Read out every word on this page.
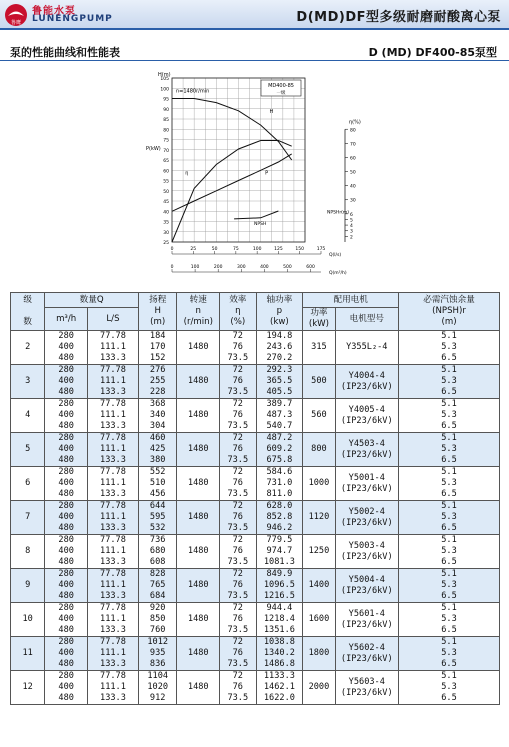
鲁鹰
鲁能水泵
LUNENGPUMP	D(MD)DF型多级耐磨耐酸离心泵
泵的性能曲线和性能表	D (MD) DF400-85泵型
105
100
95
90
85
80
75
70
65
60
55
50
45
40
35
30
25
H(m)
P(kW)
80
70
60
50
40
30
η(%)
NPSHr(m) 6
5
4
3
2
0	25	50	75	100	125	150	175
Q(l/s)
0	100	200	300	400	500	600
Q(m³/h)
H
η	P
NPSH
n=1480r/min
MD400-85
一级
级

数	数量Q		扬程
H
(m)	转速
n
(r/min)	效率
η
(%)	轴功率
p
(kw)	配用电机		必需汽蚀余量
(NPSH)r
(m)
	m³/h	L/S					功率
(kW)	电机型号	
2	280
400
480	77.78
111.1
133.3	184
170
152	1480	72
76
73.5	194.8
243.6
270.2	315	Y355L₂-4	5.1
5.3
6.5
3	280
400
480	77.78
111.1
133.3	276
255
228	1480	72
76
73.5	292.3
365.5
405.5	500	Y4004-4
(IP23/6kV)	5.1
5.3
6.5
4	280
400
480	77.78
111.1
133.3	368
340
304	1480	72
76
73.5	389.7
487.3
540.7	560	Y4005-4
(IP23/6kV)	5.1
5.3
6.5
5	280
400
480	77.78
111.1
133.3	460
425
380	1480	72
76
73.5	487.2
609.2
675.8	800	Y4503-4
(IP23/6kV)	5.1
5.3
6.5
6	280
400
480	77.78
111.1
133.3	552
510
456	1480	72
76
73.5	584.6
731.0
811.0	1000	Y5001-4
(IP23/6kV)	5.1
5.3
6.5
7	280
400
480	77.78
111.1
133.3	644
595
532	1480	72
76
73.5	628.0
852.8
946.2	1120	Y5002-4
(IP23/6kV)	5.1
5.3
6.5
8	280
400
480	77.78
111.1
133.3	736
680
608	1480	72
76
73.5	779.5
974.7
1081.3	1250	Y5003-4
(IP23/6kV)	5.1
5.3
6.5
9	280
400
480	77.78
111.1
133.3	828
765
684	1480	72
76
73.5	849.9
1096.5
1216.5	1400	Y5004-4
(IP23/6kV)	5.1
5.3
6.5
10	280
400
480	77.78
111.1
133.3	920
850
760	1480	72
76
73.5	944.4
1218.4
1351.6	1600	Y5601-4
(IP23/6kV)	5.1
5.3
6.5
11	280
400
480	77.78
111.1
133.3	1012
935
836	1480	72
76
73.5	1038.8
1340.2
1486.8	1800	Y5602-4
(IP23/6kV)	5.1
5.3
6.5
12	280
400
480	77.78
111.1
133.3	1104
1020
912	1480	72
76
73.5	1133.3
1462.1
1622.0	2000	Y5603-4
(IP23/6kV)	5.1
5.3
6.5
